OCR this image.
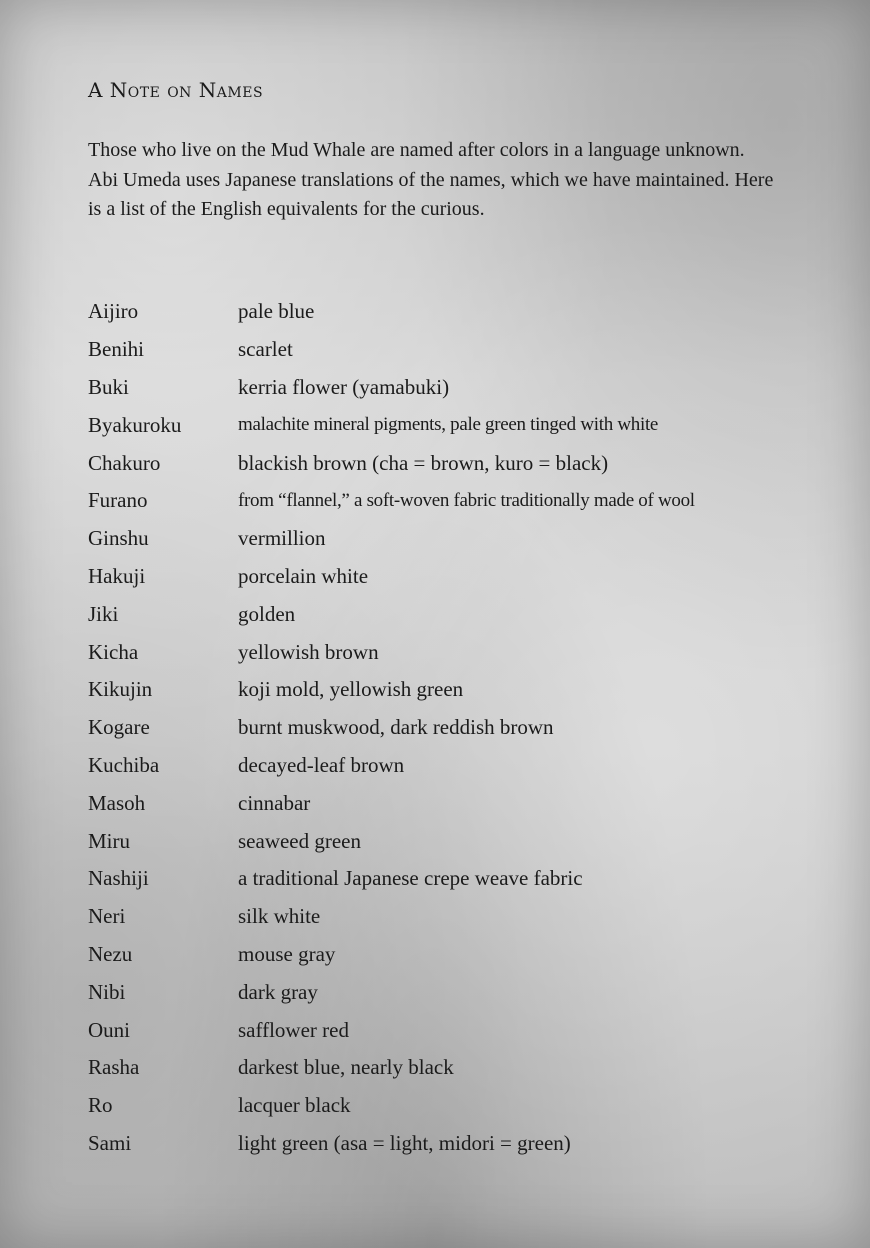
A Note on Names

Those who live on the Mud Whale are named after colors in a language unknown. Abi Umeda uses Japanese translations of the names, which we have maintained. Here is a list of the English equivalents for the curious.

Aijiro	pale blue
Benihi	scarlet
Buki	kerria flower (yamabuki)
Byakuroku	malachite mineral pigments, pale green tinged with white
Chakuro	blackish brown (cha = brown, kuro = black)
Furano	from “flannel,” a soft-woven fabric traditionally made of wool
Ginshu	vermillion
Hakuji	porcelain white
Jiki	golden
Kicha	yellowish brown
Kikujin	koji mold, yellowish green
Kogare	burnt muskwood, dark reddish brown
Kuchiba	decayed-leaf brown
Masoh	cinnabar
Miru	seaweed green
Nashiji	a traditional Japanese crepe weave fabric
Neri	silk white
Nezu	mouse gray
Nibi	dark gray
Ouni	safflower red
Rasha	darkest blue, nearly black
Ro	lacquer black
Sami	light green (asa = light, midori = green)
